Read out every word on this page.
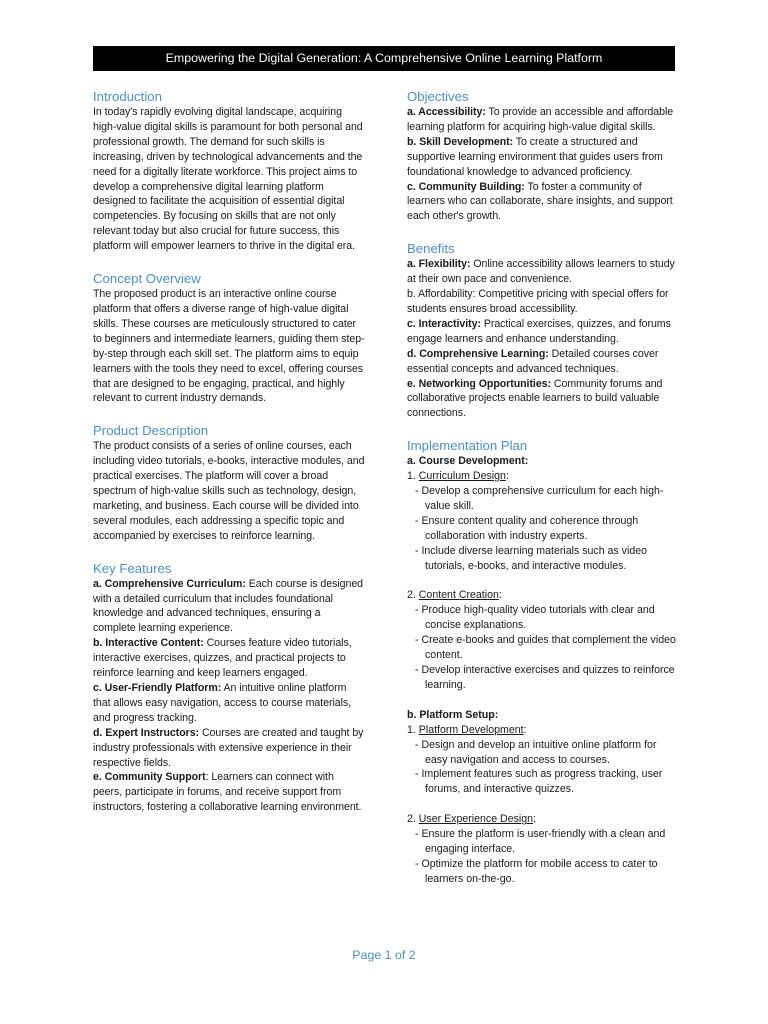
Empowering the Digital Generation: A Comprehensive Online Learning Platform
Introduction

In today's rapidly evolving digital landscape, acquiring high-value digital skills is paramount for both personal and professional growth. The demand for such skills is increasing, driven by technological advancements and the need for a digitally literate workforce. This project aims to develop a comprehensive digital learning platform designed to facilitate the acquisition of essential digital competencies. By focusing on skills that are not only relevant today but also crucial for future success, this platform will empower learners to thrive in the digital era.

Concept Overview

The proposed product is an interactive online course platform that offers a diverse range of high-value digital skills. These courses are meticulously structured to cater to beginners and intermediate learners, guiding them step-by-step through each skill set. The platform aims to equip learners with the tools they need to excel, offering courses that are designed to be engaging, practical, and highly relevant to current industry demands.

Product Description

The product consists of a series of online courses, each including video tutorials, e-books, interactive modules, and practical exercises. The platform will cover a broad spectrum of high-value skills such as technology, design, marketing, and business. Each course will be divided into several modules, each addressing a specific topic and accompanied by exercises to reinforce learning.

Key Features

a. Comprehensive Curriculum: Each course is designed with a detailed curriculum that includes foundational knowledge and advanced techniques, ensuring a complete learning experience.

b. Interactive Content: Courses feature video tutorials, interactive exercises, quizzes, and practical projects to reinforce learning and keep learners engaged.

c. User-Friendly Platform: An intuitive online platform that allows easy navigation, access to course materials, and progress tracking.

d. Expert Instructors: Courses are created and taught by industry professionals with extensive experience in their respective fields.

e. Community Support: Learners can connect with peers, participate in forums, and receive support from instructors, fostering a collaborative learning environment.

Objectives

a. Accessibility: To provide an accessible and affordable learning platform for acquiring high-value digital skills.

b. Skill Development: To create a structured and supportive learning environment that guides users from foundational knowledge to advanced proficiency.

c. Community Building: To foster a community of learners who can collaborate, share insights, and support each other's growth.

Benefits

a. Flexibility: Online accessibility allows learners to study at their own pace and convenience.

b. Affordability: Competitive pricing with special offers for students ensures broad accessibility.

c. Interactivity: Practical exercises, quizzes, and forums engage learners and enhance understanding.

d. Comprehensive Learning: Detailed courses cover essential concepts and advanced techniques.

e. Networking Opportunities: Community forums and collaborative projects enable learners to build valuable connections.

Implementation Plan

a. Course Development:

1. Curriculum Design:

- Develop a comprehensive curriculum for each high-value skill.

- Ensure content quality and coherence through collaboration with industry experts.

- Include diverse learning materials such as video tutorials, e-books, and interactive modules.

2. Content Creation:

- Produce high-quality video tutorials with clear and concise explanations.

- Create e-books and guides that complement the video content.

- Develop interactive exercises and quizzes to reinforce learning.

b. Platform Setup:

1. Platform Development:

- Design and develop an intuitive online platform for easy navigation and access to courses.

- Implement features such as progress tracking, user forums, and interactive quizzes.

2. User Experience Design:

- Ensure the platform is user-friendly with a clean and engaging interface.

- Optimize the platform for mobile access to cater to learners on-the-go.

Page 1 of 2
